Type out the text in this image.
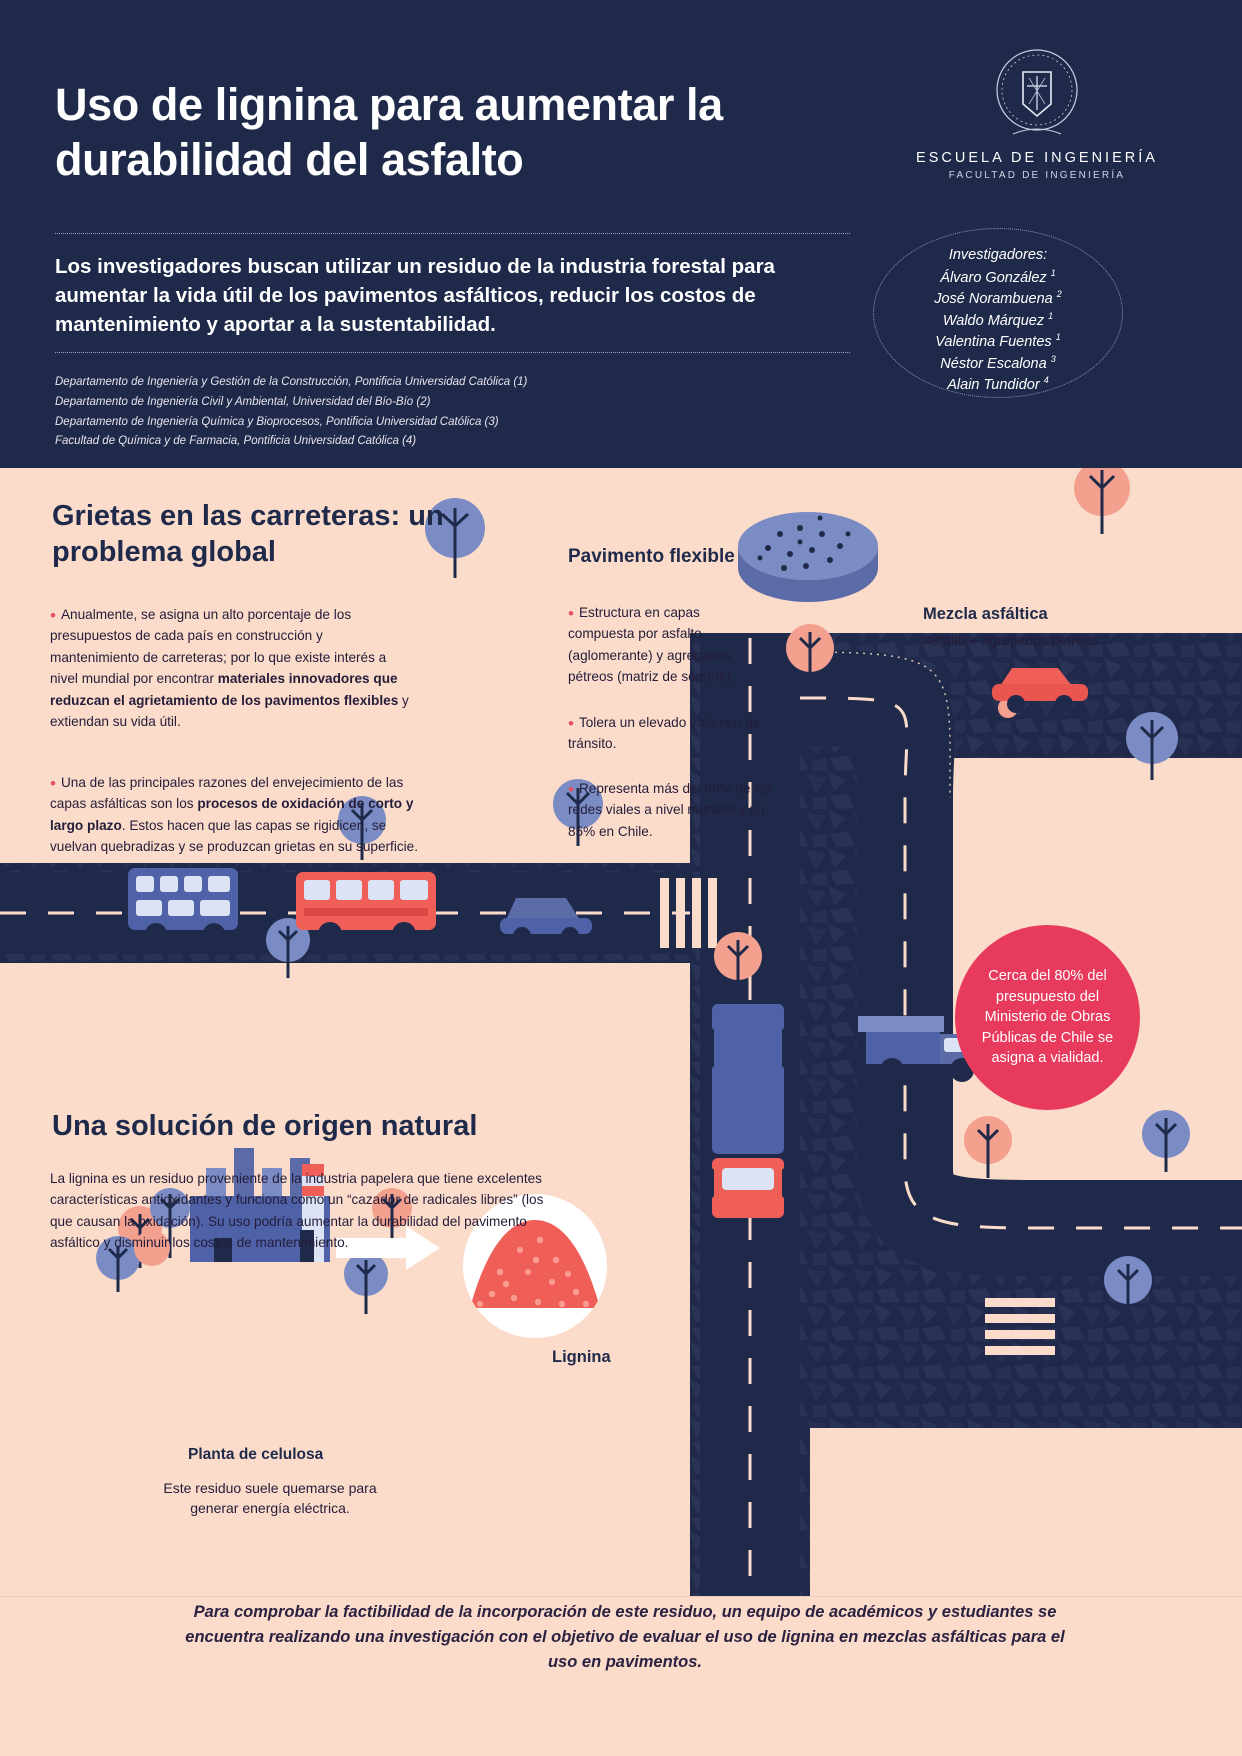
Uso de lignina para aumentar la durabilidad del asfalto
Los investigadores buscan utilizar un residuo de la industria forestal para aumentar la vida útil de los pavimentos asfálticos, reducir los costos de mantenimiento y aportar a la sustentabilidad.
Departamento de Ingeniería y Gestión de la Construcción, Pontificia Universidad Católica (1)
Departamento de Ingeniería Civil y Ambiental, Universidad del Bío-Bío (2)
Departamento de Ingeniería Química y Bioprocesos, Pontificia Universidad Católica (3)
Facultad de Química y de Farmacia, Pontificia Universidad Católica (4)
ESCUELA DE INGENIERÍA
FACULTAD DE INGENIERÍA
Investigadores:
Álvaro González $^1$
José Norambuena $^2$
Waldo Márquez $^1$
Valentina Fuentes $^1$
Néstor Escalona $^3$
Alain Tundidor $^4$
Grietas en las carreteras: un problema global
• Anualmente, se asigna un alto porcentaje de los presupuestos de cada país en construcción y mantenimiento de carreteras; por lo que existe interés a nivel mundial por encontrar materiales innovadores que reduzcan el agrietamiento de los pavimentos flexibles y extiendan su vida útil.
• Una de las principales razones del envejecimiento de las capas asfálticas son los procesos de oxidación de corto y largo plazo. Estos hacen que las capas se rigidicen, se vuelvan quebradizas y se produzcan grietas en su superficie.
Pavimento flexible
• Estructura en capas compuesta por asfalto (aglomerante) y agregados pétreos (matriz de soporte).
• Tolera un elevado volumen de tránsito.
• Representa más del 90% de las redes viales a nivel mundial y un 85% en Chile.
Mezcla asfáltica
Asfalto + agregados pétreos.
Cerca del 80% del presupuesto del Ministerio de Obras Públicas de Chile se asigna a vialidad.
Una solución de origen natural
La lignina es un residuo proveniente de la industria papelera que tiene excelentes características antioxidantes y funciona como un “cazador de radicales libres” (los que causan la oxidación). Su uso podría aumentar la durabilidad del pavimento asfáltico y disminuir los costos de mantenimiento.
Lignina
Planta de celulosa
Este residuo suele quemarse para generar energía eléctrica.
Para comprobar la factibilidad de la incorporación de este residuo, un equipo de académicos y estudiantes se encuentra realizando una investigación con el objetivo de evaluar el uso de lignina en mezclas asfálticas para el uso en pavimentos.
